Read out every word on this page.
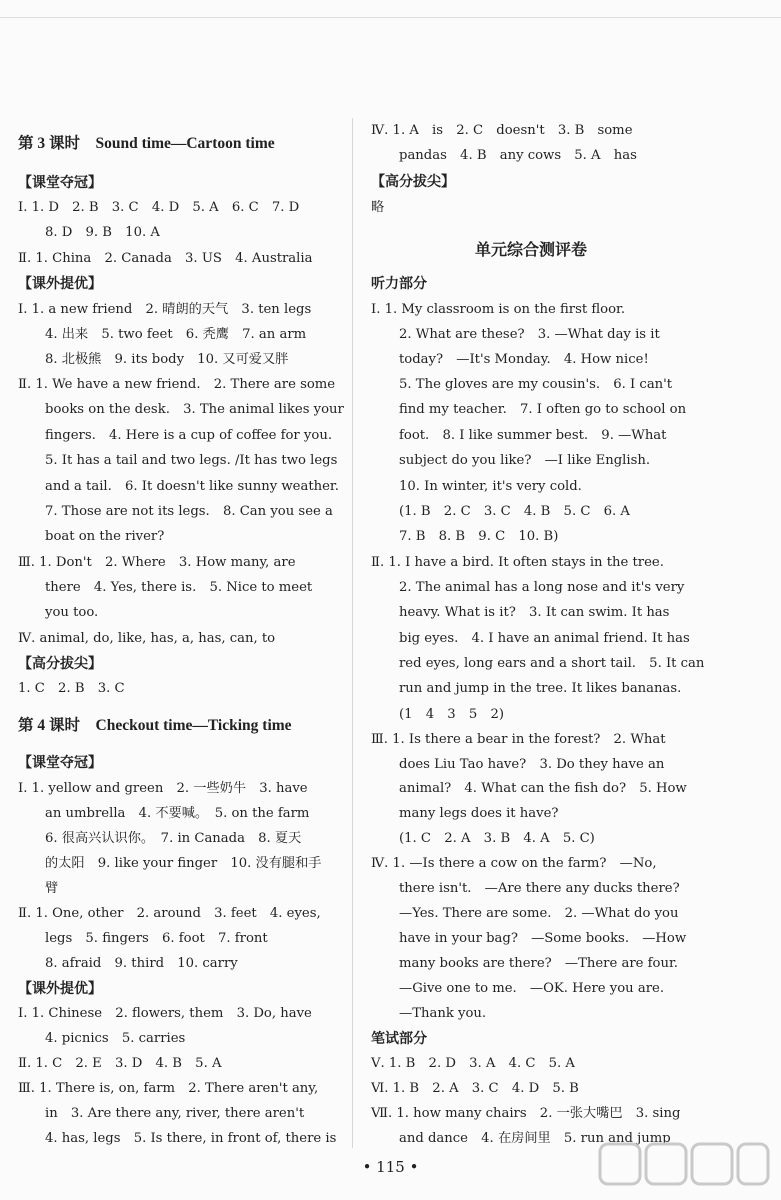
第 3 课时　Sound time—Cartoon time
【课堂夺冠】
Ⅰ. 1. D　2. B　3. C　4. D　5. A　6. C　7. D
8. D　9. B　10. A
Ⅱ. 1. China　2. Canada　3. US　4. Australia
【课外提优】
Ⅰ. 1. a new friend　2. 晴朗的天气　3. ten legs
4. 出来　5. two feet　6. 秃鹰　7. an arm
8. 北极熊　9. its body　10. 又可爱又胖
Ⅱ. 1. We have a new friend.　2. There are some
books on the desk.　3. The animal likes your
fingers.　4. Here is a cup of coffee for you.
5. It has a tail and two legs. /It has two legs
and a tail.　6. It doesn't like sunny weather.
7. Those are not its legs.　8. Can you see a
boat on the river?
Ⅲ. 1. Don't　2. Where　3. How many, are
there　4. Yes, there is.　5. Nice to meet
you too.
Ⅳ. animal, do, like, has, a, has, can, to
【高分拔尖】
1. C　2. B　3. C
第 4 课时　Checkout time—Ticking time
【课堂夺冠】
Ⅰ. 1. yellow and green　2. 一些奶牛　3. have
an umbrella　4. 不要喊。　5. on the farm
6. 很高兴认识你。　7. in Canada　8. 夏天
的太阳　9. like your finger　10. 没有腿和手
臂
Ⅱ. 1. One, other　2. around　3. feet　4. eyes,
legs　5. fingers　6. foot　7. front
8. afraid　9. third　10. carry
【课外提优】
Ⅰ. 1. Chinese　2. flowers, them　3. Do, have
4. picnics　5. carries
Ⅱ. 1. C　2. E　3. D　4. B　5. A
Ⅲ. 1. There is, on, farm　2. There aren't any,
in　3. Are there any, river, there aren't
4. has, legs　5. Is there, in front of, there is
Ⅳ. 1. A　is　2. C　doesn't　3. B　some
pandas　4. B　any cows　5. A　has
【高分拔尖】
略
单元综合测评卷
听力部分
Ⅰ. 1. My classroom is on the first floor.
2. What are these?　3. —What day is it
today?　—It's Monday.　4. How nice!
5. The gloves are my cousin's.　6. I can't
find my teacher.　7. I often go to school on
foot.　8. I like summer best.　9. —What
subject do you like?　—I like English.
10. In winter, it's very cold.
(1. B　2. C　3. C　4. B　5. C　6. A
7. B　8. B　9. C　10. B)
Ⅱ. 1. I have a bird. It often stays in the tree.
2. The animal has a long nose and it's very
heavy. What is it?　3. It can swim. It has
big eyes.　4. I have an animal friend. It has
red eyes, long ears and a short tail.　5. It can
run and jump in the tree. It likes bananas.
(1　4　3　5　2)
Ⅲ. 1. Is there a bear in the forest?　2. What
does Liu Tao have?　3. Do they have an
animal?　4. What can the fish do?　5. How
many legs does it have?
(1. C　2. A　3. B　4. A　5. C)
Ⅳ. 1. —Is there a cow on the farm?　—No,
there isn't.　—Are there any ducks there?
—Yes. There are some.　2. —What do you
have in your bag?　—Some books.　—How
many books are there?　—There are four.
—Give one to me.　—OK. Here you are.
—Thank you.
笔试部分
Ⅴ. 1. B　2. D　3. A　4. C　5. A
Ⅵ. 1. B　2. A　3. C　4. D　5. B
Ⅶ. 1. how many chairs　2. 一张大嘴巴　3. sing
and dance　4. 在房间里　5. run and jump
• 115 •
